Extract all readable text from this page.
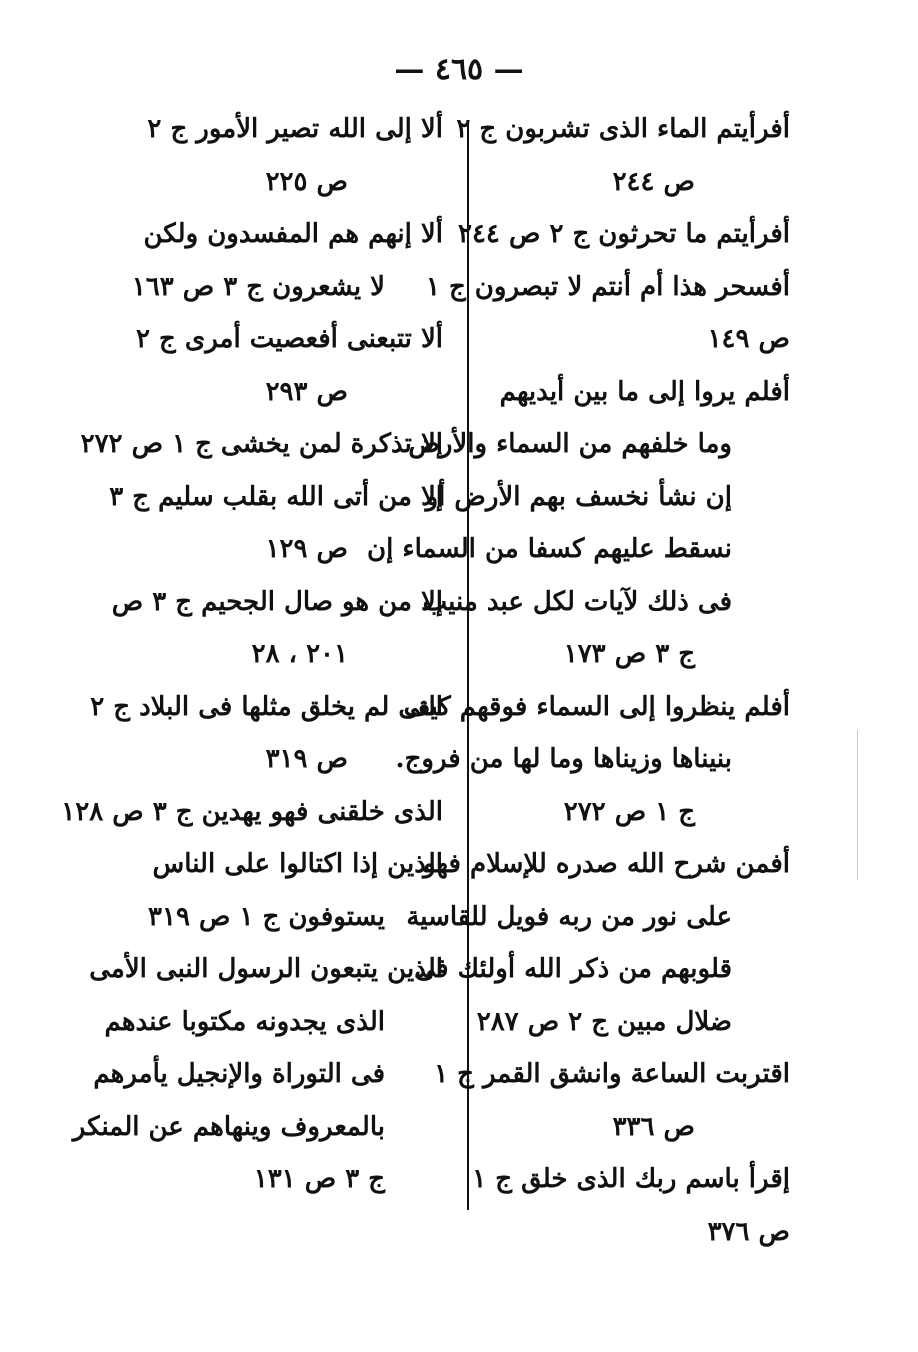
— ٤٦٥ —
أفرأيتم الماء الذى تشربون ج ٢
ص ٢٤٤
أفرأيتم ما تحرثون ج ٢ ص ٢٤٤
أفسحر هذا أم أنتم لا تبصرون ج ١
ص ١٤٩
أفلم يروا إلى ما بين أيديهم
وما خلفهم من السماء والأرض
إن نشأ نخسف بهم الأرض أو
نسقط عليهم كسفا من السماء إن
فى ذلك لآيات لكل عبد منيب
ج ٣ ص ١٧٣
أفلم ينظروا إلى السماء فوقهم كيف
بنيناها وزيناها وما لها من فروج.
ج ١ ص ٢٧٢
أفمن شرح الله صدره للإسلام فهو
على نور من ربه فويل للقاسية
قلوبهم من ذكر الله أولئك فى
ضلال مبين ج ٢ ص ٢٨٧
اقتربت الساعة وانشق القمر ج ١
ص ٣٣٦
إقرأ باسم ربك الذى خلق ج ١
ص ٣٧٦
ألا إلى الله تصير الأمور ج ٢
ص ٢٢٥
ألا إنهم هم المفسدون ولكن
لا يشعرون ج ٣ ص ١٦٣
ألا تتبعنى أفعصيت أمرى ج ٢
ص ٢٩٣
إلا تذكرة لمن يخشى ج ١ ص ٢٧٢
إلا من أتى الله بقلب سليم ج ٣
ص ١٢٩
إلا من هو صال الجحيم ج ٣ ص
٢٠١ ، ٢٨
التى لم يخلق مثلها فى البلاد ج ٢
ص ٣١٩
الذى خلقنى فهو يهدين ج ٣ ص ١٢٨
الذين إذا اكتالوا على الناس
يستوفون ج ١ ص ٣١٩
الذين يتبعون الرسول النبى الأمى
الذى يجدونه مكتوبا عندهم
فى التوراة والإنجيل يأمرهم
بالمعروف وينهاهم عن المنكر
ج ٣ ص ١٣١
